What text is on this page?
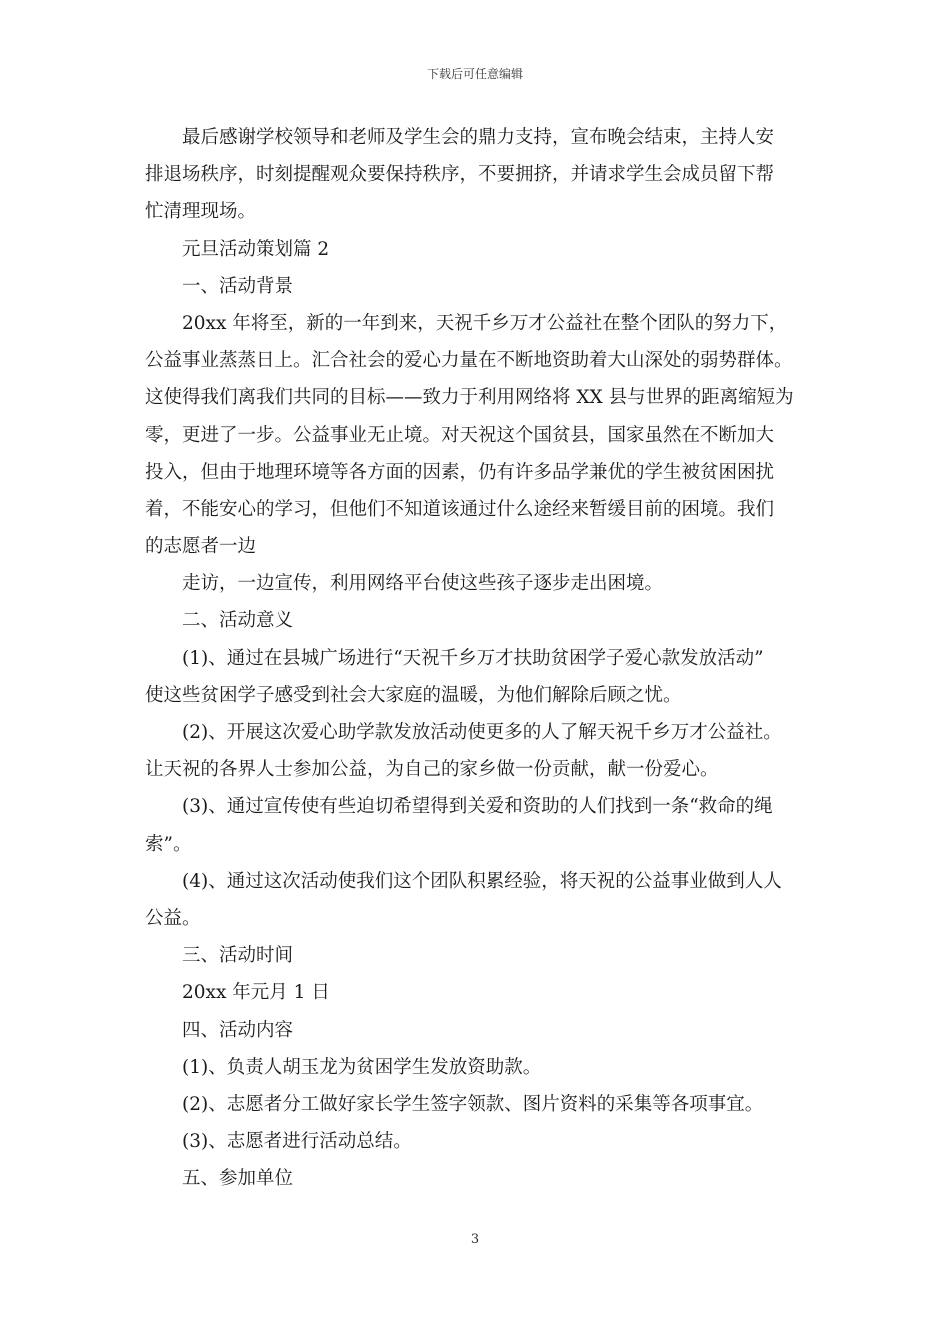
下载后可任意编辑
最后感谢学校领导和老师及学生会的鼎力支持，宣布晚会结束，主持人安
排退场秩序，时刻提醒观众要保持秩序，不要拥挤，并请求学生会成员留下帮
忙清理现场。
元旦活动策划篇 2
一、活动背景
20xx 年将至，新的一年到来，天祝千乡万才公益社在整个团队的努力下，
公益事业蒸蒸日上。汇合社会的爱心力量在不断地资助着大山深处的弱势群体。
这使得我们离我们共同的目标——致力于利用网络将 XX 县与世界的距离缩短为
零，更进了一步。公益事业无止境。对天祝这个国贫县，国家虽然在不断加大
投入，但由于地理环境等各方面的因素，仍有许多品学兼优的学生被贫困困扰
着，不能安心的学习，但他们不知道该通过什么途经来暂缓目前的困境。我们
的志愿者一边
走访，一边宣传，利用网络平台使这些孩子逐步走出困境。
二、活动意义
(1)、通过在县城广场进行“天祝千乡万才扶助贫困学子爱心款发放活动”
使这些贫困学子感受到社会大家庭的温暖，为他们解除后顾之忧。
(2)、开展这次爱心助学款发放活动使更多的人了解天祝千乡万才公益社。
让天祝的各界人士参加公益，为自己的家乡做一份贡献，献一份爱心。
(3)、通过宣传使有些迫切希望得到关爱和资助的人们找到一条“救命的绳
索”。
(4)、通过这次活动使我们这个团队积累经验，将天祝的公益事业做到人人
公益。
三、活动时间
20xx 年元月 1 日
四、活动内容
(1)、负责人胡玉龙为贫困学生发放资助款。
(2)、志愿者分工做好家长学生签字领款、图片资料的采集等各项事宜。
(3)、志愿者进行活动总结。
五、参加单位
3
